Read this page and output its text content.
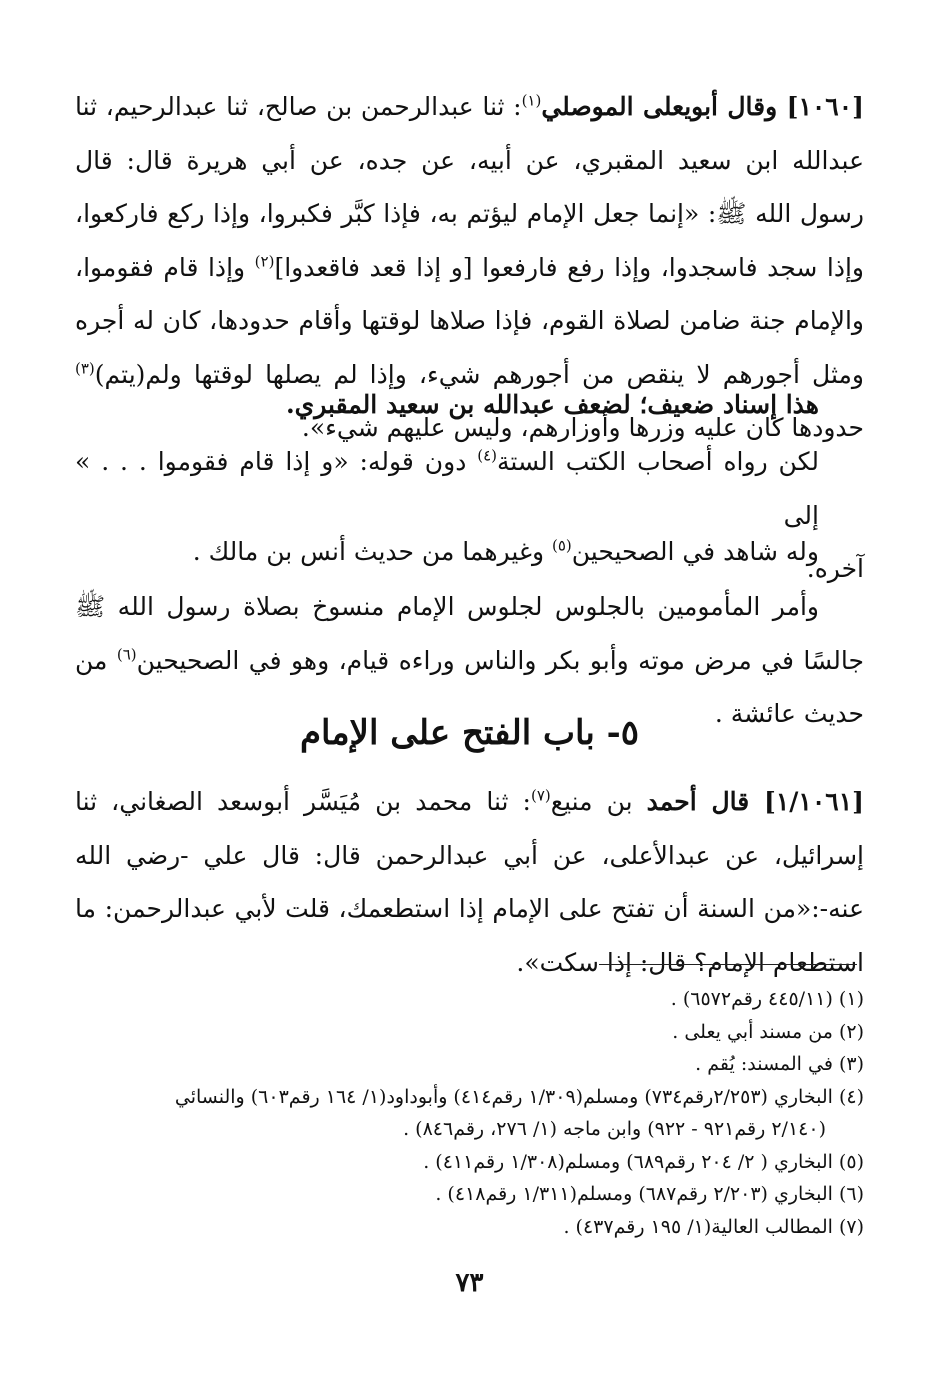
[١٠٦٠] وقال أبويعلى الموصلي$^{(١)}$: ثنا عبدالرحمن بن صالح، ثنا عبدالرحيم، ثنا عبدالله ابن سعيد المقبري، عن أبيه، عن جده، عن أبي هريرة قال: قال رسول الله ﷺ: «إنما جعل الإمام ليؤتم به، فإذا كبَّر فكبروا، وإذا ركع فاركعوا، وإذا سجد فاسجدوا، وإذا رفع فارفعوا [و إذا قعد فاقعدوا]$^{(٢)}$ وإذا قام فقوموا، والإمام جنة ضامن لصلاة القوم، فإذا صلاها لوقتها وأقام حدودها، كان له أجره ومثل أجورهم لا ينقص من أجورهم شيء، وإذا لم يصلها لوقتها ولم(يتم)$^{(٣)}$ حدودها كان عليه وزرها وأوزارهم، وليس عليهم شيء».
هذا إسناد ضعيف؛ لضعف عبدالله بن سعيد المقبري.
لكن رواه أصحاب الكتب الستة$^{(٤)}$ دون قوله: «و إذا قام فقوموا . . . » إلى
آخره.
وله شاهد في الصحيحين$^{(٥)}$ وغيرهما من حديث أنس بن مالك .
وأمر المأمومين بالجلوس لجلوس الإمام منسوخ بصلاة رسول الله ﷺ جالسًا في مرض موته وأبو بكر والناس وراءه قيام، وهو في الصحيحين$^{(٦)}$ من حديث عائشة .
٥- باب الفتح على الإمام
[١/١٠٦١] قال أحمد بن منيع$^{(٧)}$: ثنا محمد بن مُيَسَّر أبوسعد الصغاني، ثنا إسرائيل، عن عبدالأعلى، عن أبي عبدالرحمن قال: قال علي -رضي الله عنه-:«من السنة أن تفتح على الإمام إذا استطعمك، قلت لأبي عبدالرحمن: ما استطعام الإمام؟ قال: إذا سكت».
(١) (٤٤٥/١١ رقم٦٥٧٢) .
(٢) من مسند أبي يعلى .
(٣) في المسند: يُقم .
(٤) البخاري (٢/٢٥٣رقم٧٣٤) ومسلم(١/٣٠٩ رقم٤١٤) وأبوداود(١/ ١٦٤ رقم٦٠٣) والنسائي
(٢/١٤٠ رقم٩٢١ - ٩٢٢) وابن ماجه (١/ ٢٧٦، رقم٨٤٦) .
(٥) البخاري ( ٢/ ٢٠٤ رقم٦٨٩) ومسلم(١/٣٠٨ رقم٤١١) .
(٦) البخاري (٢/٢٠٣ رقم٦٨٧) ومسلم(١/٣١١ رقم٤١٨) .
(٧) المطالب العالية(١/ ١٩٥ رقم٤٣٧) .
٧٣
